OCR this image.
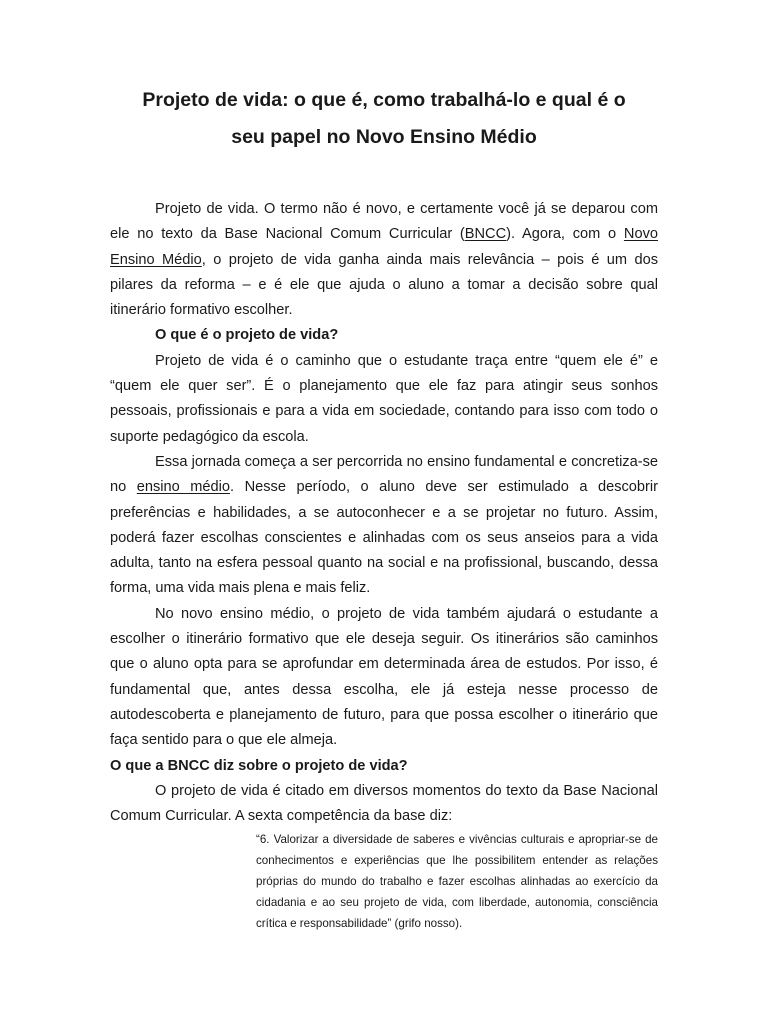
Projeto de vida: o que é, como trabalhá-lo e qual é o
seu papel no Novo Ensino Médio

Projeto de vida. O termo não é novo, e certamente você já se deparou com ele no texto da Base Nacional Comum Curricular (BNCC). Agora, com o Novo Ensino Médio, o projeto de vida ganha ainda mais relevância – pois é um dos pilares da reforma – e é ele que ajuda o aluno a tomar a decisão sobre qual itinerário formativo escolher.

O que é o projeto de vida?

Projeto de vida é o caminho que o estudante traça entre “quem ele é” e “quem ele quer ser”. É o planejamento que ele faz para atingir seus sonhos pessoais, profissionais e para a vida em sociedade, contando para isso com todo o suporte pedagógico da escola.

Essa jornada começa a ser percorrida no ensino fundamental e concretiza-se no ensino médio. Nesse período, o aluno deve ser estimulado a descobrir preferências e habilidades, a se autoconhecer e a se projetar no futuro. Assim, poderá fazer escolhas conscientes e alinhadas com os seus anseios para a vida adulta, tanto na esfera pessoal quanto na social e na profissional, buscando, dessa forma, uma vida mais plena e mais feliz.

No novo ensino médio, o projeto de vida também ajudará o estudante a escolher o itinerário formativo que ele deseja seguir. Os itinerários são caminhos que o aluno opta para se aprofundar em determinada área de estudos. Por isso, é fundamental que, antes dessa escolha, ele já esteja nesse processo de autodescoberta e planejamento de futuro, para que possa escolher o itinerário que faça sentido para o que ele almeja.

O que a BNCC diz sobre o projeto de vida?

O projeto de vida é citado em diversos momentos do texto da Base Nacional Comum Curricular. A sexta competência da base diz:

“6. Valorizar a diversidade de saberes e vivências culturais e apropriar-se de conhecimentos e experiências que lhe possibilitem entender as relações próprias do mundo do trabalho e fazer escolhas alinhadas ao exercício da cidadania e ao seu projeto de vida, com liberdade, autonomia, consciência crítica e responsabilidade” (grifo nosso).
